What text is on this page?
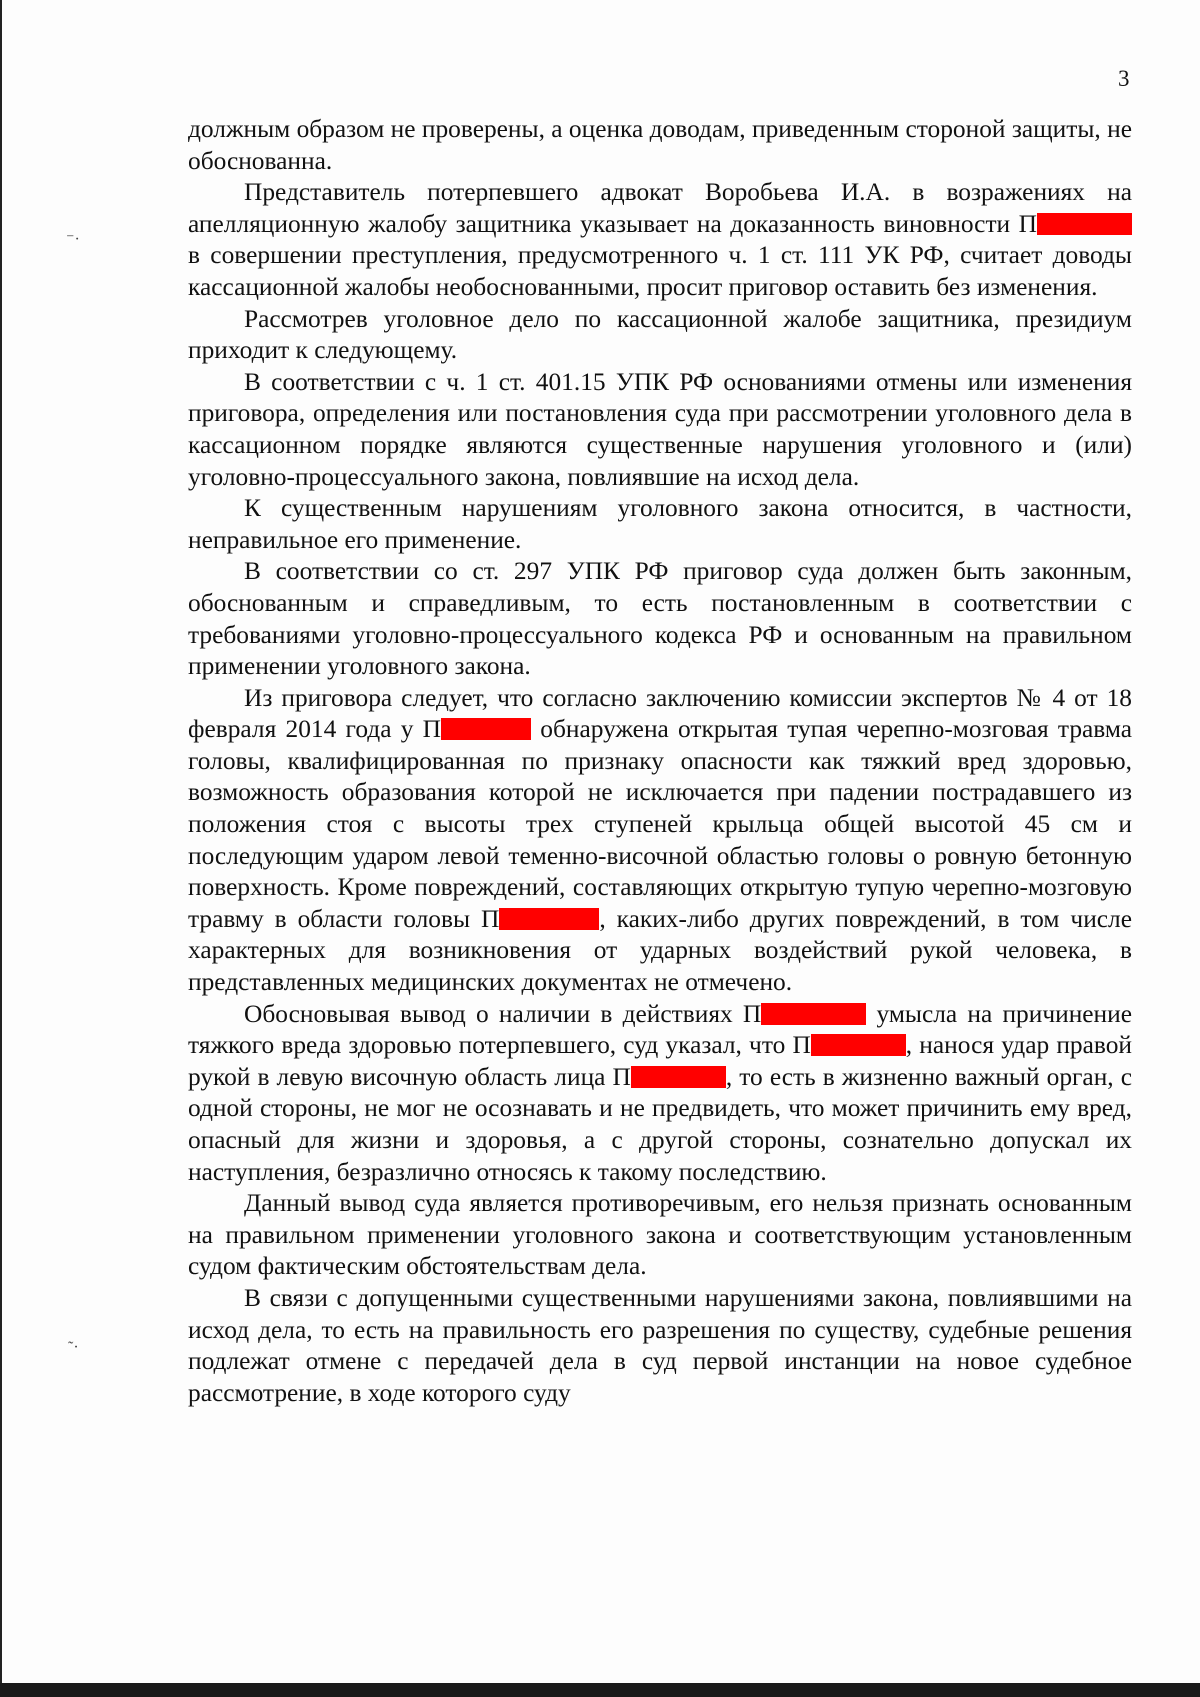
⁻·
˜·
3

должным образом не проверены, а оценка доводам, приведенным стороной защиты, не обоснованна.

Представитель потерпевшего адвокат Воробьева И.А. в возражениях на апелляционную жалобу защитника указывает на доказанность виновности П в совершении преступления, предусмотренного ч. 1 ст. 111 УК РФ, считает доводы кассационной жалобы необоснованными, просит приговор оставить без изменения.

Рассмотрев уголовное дело по кассационной жалобе защитника, президиум приходит к следующему.

В соответствии с ч. 1 ст. 401.15 УПК РФ основаниями отмены или изменения приговора, определения или постановления суда при рассмотрении уголовного дела в кассационном порядке являются существенные нарушения уголовного и (или) уголовно-процессуального закона, повлиявшие на исход дела.

К существенным нарушениям уголовного закона относится, в частности, неправильное его применение.

В соответствии со ст. 297 УПК РФ приговор суда должен быть законным, обоснованным и справедливым, то есть постановленным в соответствии с требованиями уголовно-процессуального кодекса РФ и основанным на правильном применении уголовного закона.

Из приговора следует, что согласно заключению комиссии экспертов № 4 от 18 февраля 2014 года у П	обнаружена открытая тупая черепно-мозговая травма головы, квалифицированная по признаку опасности как тяжкий вред здоровью, возможность образования которой не исключается при падении пострадавшего из положения стоя с высоты трех ступеней крыльца общей высотой 45 см и последующим ударом левой теменно-височной областью головы о ровную бетонную поверхность. Кроме повреждений, составляющих открытую тупую черепно-мозговую травму в области головы П	, каких-либо других повреждений, в том числе характерных для возникновения от ударных воздействий рукой человека, в представленных медицинских документах не отмечено.

Обосновывая вывод о наличии в действиях П	умысла на причинение тяжкого вреда здоровью потерпевшего, суд указал, что П	, нанося удар правой рукой в левую височную область лица П	, то есть в жизненно важный орган, с одной стороны, не мог не осознавать и не предвидеть, что может причинить ему вред, опасный для жизни и здоровья, а с другой стороны, сознательно допускал их наступления, безразлично относясь к такому последствию.

Данный вывод суда является противоречивым, его нельзя признать основанным на правильном применении уголовного закона и соответствующим установленным судом фактическим обстоятельствам дела.

В связи с допущенными существенными нарушениями закона, повлиявшими на исход дела, то есть на правильность его разрешения по существу, судебные решения подлежат отмене с передачей дела в суд первой инстанции на новое судебное рассмотрение, в ходе которого суду
